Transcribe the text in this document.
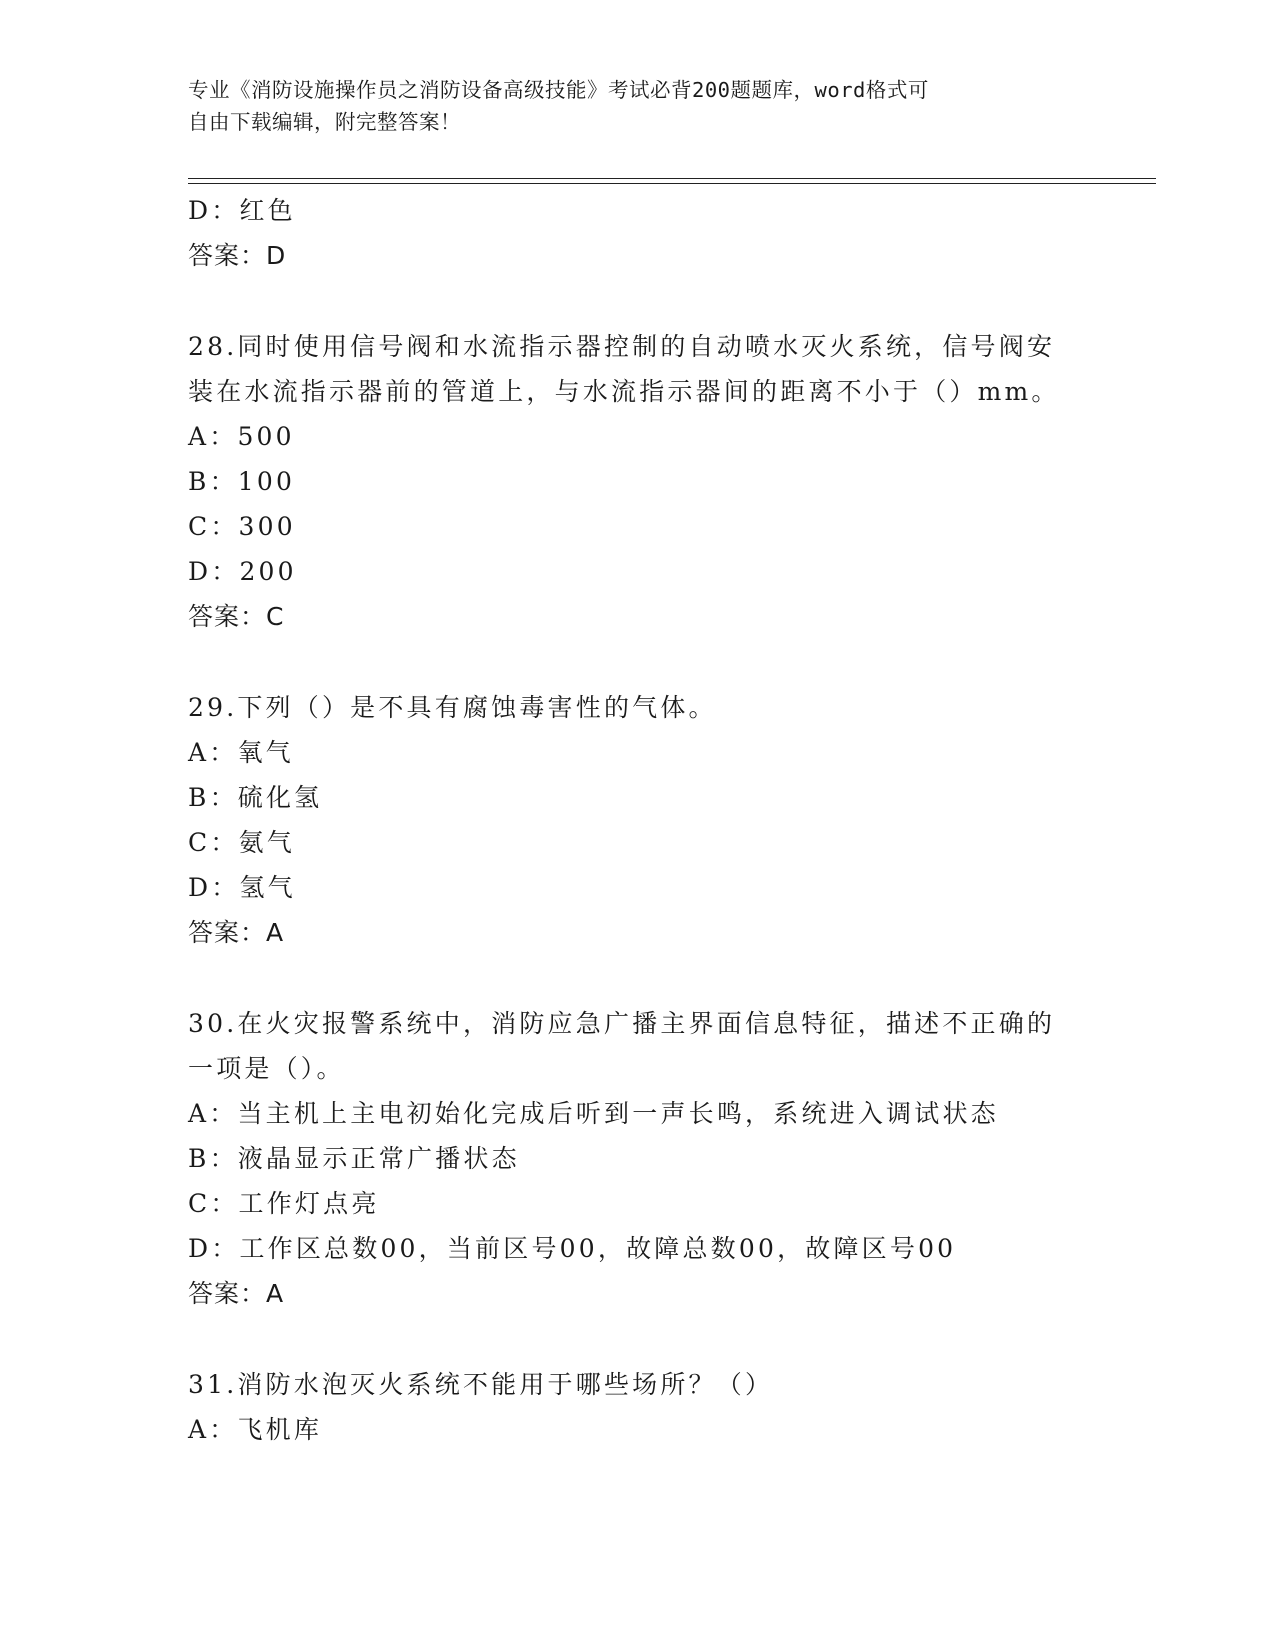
专业《消防设施操作员之消防设备高级技能》考试必背200题题库，word格式可
自由下载编辑，附完整答案！
D：红色
答案：D
28.同时使用信号阀和水流指示器控制的自动喷水灭火系统，信号阀安
装在水流指示器前的管道上，与水流指示器间的距离不小于（）mm。
A：500
B：100
C：300
D：200
答案：C
29.下列（）是不具有腐蚀毒害性的气体。
A：氧气
B：硫化氢
C：氨气
D：氢气
答案：A
30.在火灾报警系统中，消防应急广播主界面信息特征，描述不正确的
一项是（）。
A：当主机上主电初始化完成后听到一声长鸣，系统进入调试状态
B：液晶显示正常广播状态
C：工作灯点亮
D：工作区总数00，当前区号00，故障总数00，故障区号00
答案：A
31.消防水泡灭火系统不能用于哪些场所？（）
A：飞机库
